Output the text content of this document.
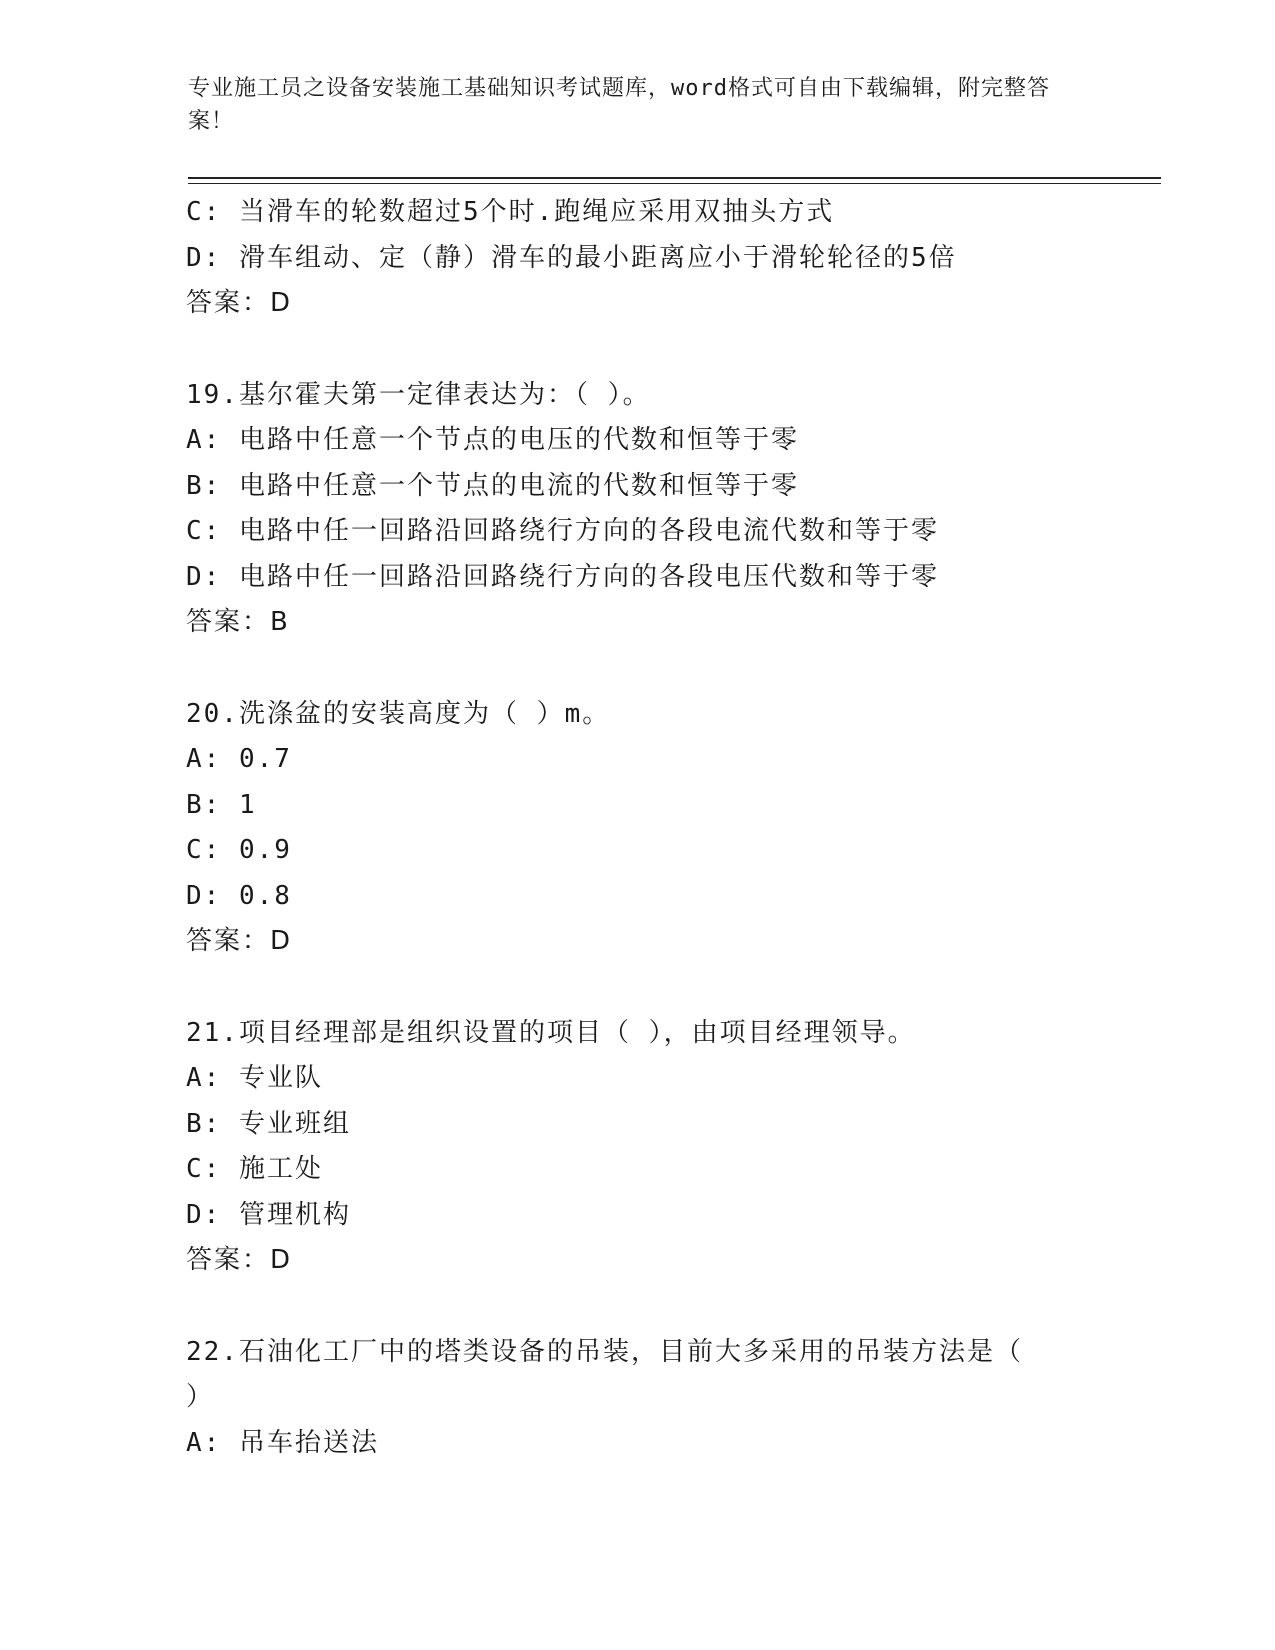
专业施工员之设备安装施工基础知识考试题库，word格式可自由下载编辑，附完整答案！
C: 当滑车的轮数超过5个时.跑绳应采用双抽头方式
D: 滑车组动、定（静）滑车的最小距离应小于滑轮轮径的5倍
答案：D
19.基尔霍夫第一定律表达为：（ ）。
A: 电路中任意一个节点的电压的代数和恒等于零
B: 电路中任意一个节点的电流的代数和恒等于零
C: 电路中任一回路沿回路绕行方向的各段电流代数和等于零
D: 电路中任一回路沿回路绕行方向的各段电压代数和等于零
答案：B
20.洗涤盆的安装高度为（ ）m。
A: 0.7
B: 1
C: 0.9
D: 0.8
答案：D
21.项目经理部是组织设置的项目（ ），由项目经理领导。
A: 专业队
B: 专业班组
C: 施工处
D: 管理机构
答案：D
22.石油化工厂中的塔类设备的吊装，目前大多采用的吊装方法是（ ）
A: 吊车抬送法
